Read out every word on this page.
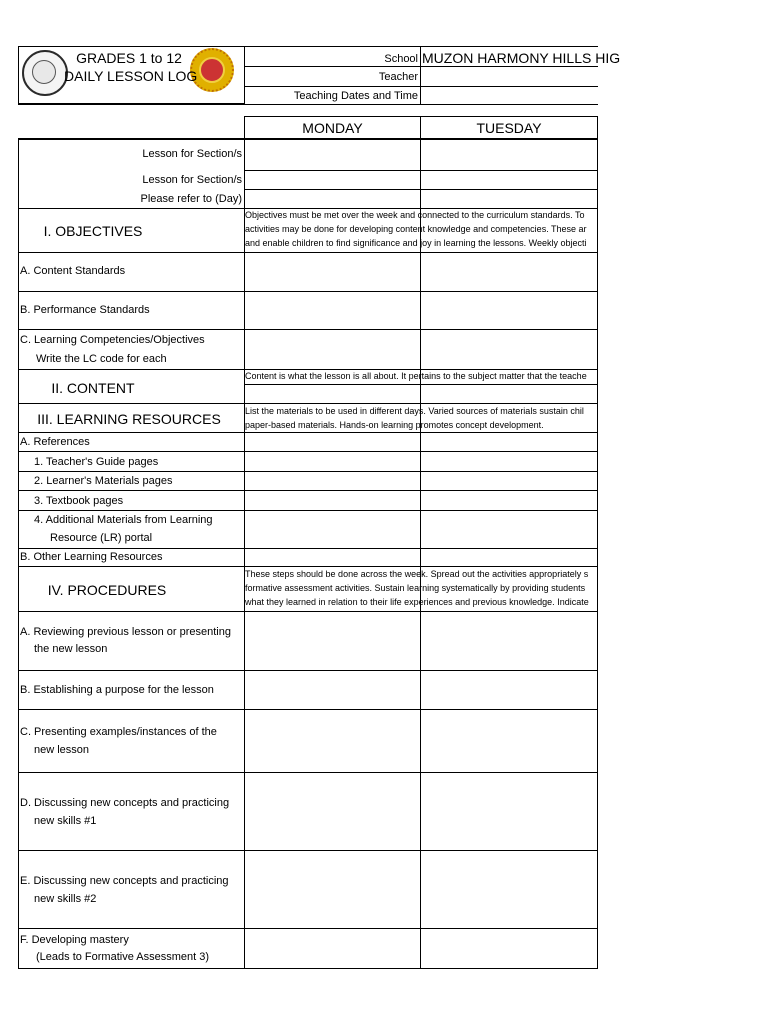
GRADES 1 to 12
DAILY LESSON LOG
School MUZON HARMONY HILLS HIG
Teacher
Teaching Dates and Time
MONDAY	TUESDAY
Lesson for Section/s
Lesson for Section/s
Please refer to (Day)
I. OBJECTIVES
Objectives must be met over the week and connected to the curriculum standards. To
activities may be done for developing content knowledge and competencies. These ar
and enable children to find significance and joy in learning the lessons. Weekly objecti
A. Content Standards
B. Performance Standards
C. Learning Competencies/Objectives
Write the LC code for each
II. CONTENT
Content is what the lesson is all about. It pertains to the subject matter that the teache
III. LEARNING RESOURCES	List the materials to be used in different days. Varied sources of materials sustain chil
paper-based materials. Hands-on learning promotes concept development.
A. References
1. Teacher's Guide pages
2. Learner's Materials pages
3. Textbook pages
4. Additional Materials from Learning
Resource (LR) portal
B. Other Learning Resources
IV. PROCEDURES
These steps should be done across the week. Spread out the activities appropriately s
formative assessment activities. Sustain learning systematically by providing students
what they learned in relation to their life experiences and previous knowledge. Indicate
A. Reviewing previous lesson or presenting
the new lesson
B. Establishing a purpose for the lesson
C. Presenting examples/instances of the
new lesson
D. Discussing new concepts and practicing
new skills #1
E. Discussing new concepts and practicing
new skills #2
F. Developing mastery
(Leads to Formative Assessment 3)
